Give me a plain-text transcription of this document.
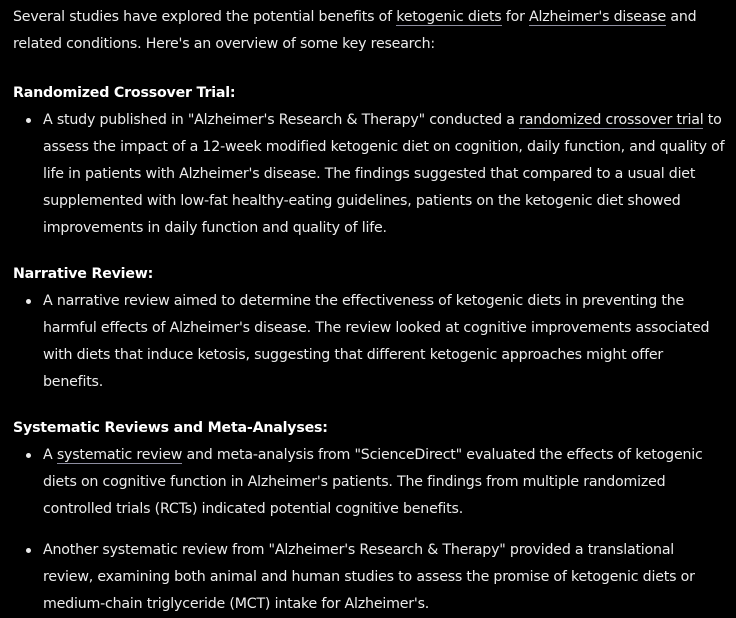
Several studies have explored the potential benefits of ketogenic diets for Alzheimer's disease and related conditions. Here's an overview of some key research:

Randomized Crossover Trial:
A study published in "Alzheimer's Research & Therapy" conducted a randomized crossover trial to assess the impact of a 12-week modified ketogenic diet on cognition, daily function, and quality of life in patients with Alzheimer's disease. The findings suggested that compared to a usual diet supplemented with low-fat healthy-eating guidelines, patients on the ketogenic diet showed improvements in daily function and quality of life.
Narrative Review:
A narrative review aimed to determine the effectiveness of ketogenic diets in preventing the harmful effects of Alzheimer's disease. The review looked at cognitive improvements associated with diets that induce ketosis, suggesting that different ketogenic approaches might offer benefits.
Systematic Reviews and Meta-Analyses:
A systematic review and meta-analysis from "ScienceDirect" evaluated the effects of ketogenic diets on cognitive function in Alzheimer's patients. The findings from multiple randomized controlled trials (RCTs) indicated potential cognitive benefits.
Another systematic review from "Alzheimer's Research & Therapy" provided a translational review, examining both animal and human studies to assess the promise of ketogenic diets or medium-chain triglyceride (MCT) intake for Alzheimer's.
